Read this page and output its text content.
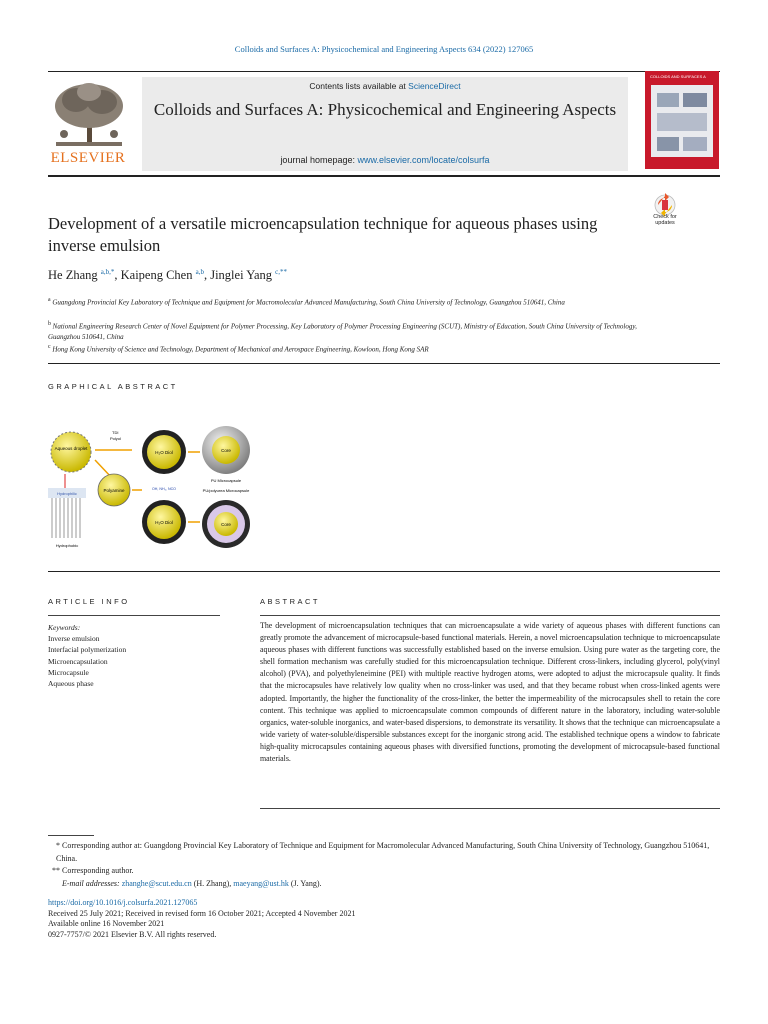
Colloids and Surfaces A: Physicochemical and Engineering Aspects 634 (2022) 127065
ELSEVIER
Contents lists available at ScienceDirect
Colloids and Surfaces A: Physicochemical and Engineering Aspects
journal homepage: www.elsevier.com/locate/colsurfa
COLLOIDS AND SURFACES A
Check for updates
Development of a versatile microencapsulation technique for aqueous phases using inverse emulsion
He Zhang $^{a,b,*}$, Kaipeng Chen $^{a,b}$, Jinglei Yang $^{c,**}$
$^a$ Guangdong Provincial Key Laboratory of Technique and Equipment for Macromolecular Advanced Manufacturing, South China University of Technology, Guangzhou 510641, China
$^b$ National Engineering Research Center of Novel Equipment for Polymer Processing, Key Laboratory of Polymer Processing Engineering (SCUT), Ministry of Education, South China University of Technology, Guangzhou 510641, China
$^c$ Hong Kong University of Science and Technology, Department of Mechanical and Aerospace Engineering, Kowloon, Hong Kong SAR
GRAPHICAL ABSTRACT
Aqueous droplet
Hydrophilic
Hydrophobic
TDI
Polyol
Polyamine
H₂O Diol
OH, NH₂, NCO
H₂O Diol
Core
PU Microcapsule
PU/polyurea Microcapsule
Core
ARTICLE INFO
Keywords:
Inverse emulsion
Interfacial polymerization
Microencapsulation
Microcapsule
Aqueous phase
ABSTRACT
The development of microencapsulation techniques that can microencapsulate a wide variety of aqueous phases with different functions can greatly promote the advancement of microcapsule-based functional materials. Herein, a novel microencapsulation technique to microencapsulate aqueous phases with different functions was successfully established based on the inverse emulsion. Using pure water as the targeting core, the shell formation mechanism was carefully studied for this microencapsulation technique. Different cross-linkers, including glycerol, poly(vinyl alcohol) (PVA), and polyethyleneimine (PEI) with multiple reactive hydrogen atoms, were adopted to adjust the microcapsule quality. It finds that the microcapsules have relatively low quality when no cross-linker was used, and that they became robust when cross-linked agents were adopted. Importantly, the higher the functionality of the cross-linker, the better the impermeability of the microcapsules shell to retain the core content. This technique was applied to microencapsulate common compounds of different nature in the laboratory, including water-soluble organics, water-soluble inorganics, and water-based dispersions, to demonstrate its versatility. It shows that the technique can microencapsulate a wide variety of water-soluble/dispersible substances except for the inorganic strong acid. The established technique opens a window to fabricate high-quality microcapsules containing aqueous phases with diversified functions, promoting the development of microcapsule-based functional materials.
* Corresponding author at: Guangdong Provincial Key Laboratory of Technique and Equipment for Macromolecular Advanced Manufacturing, South China University of Technology, Guangzhou 510641, China.
** Corresponding author.
E-mail addresses: zhanghe@scut.edu.cn (H. Zhang), maeyang@ust.hk (J. Yang).
https://doi.org/10.1016/j.colsurfa.2021.127065
Received 25 July 2021; Received in revised form 16 October 2021; Accepted 4 November 2021
Available online 16 November 2021
0927-7757/© 2021 Elsevier B.V. All rights reserved.
